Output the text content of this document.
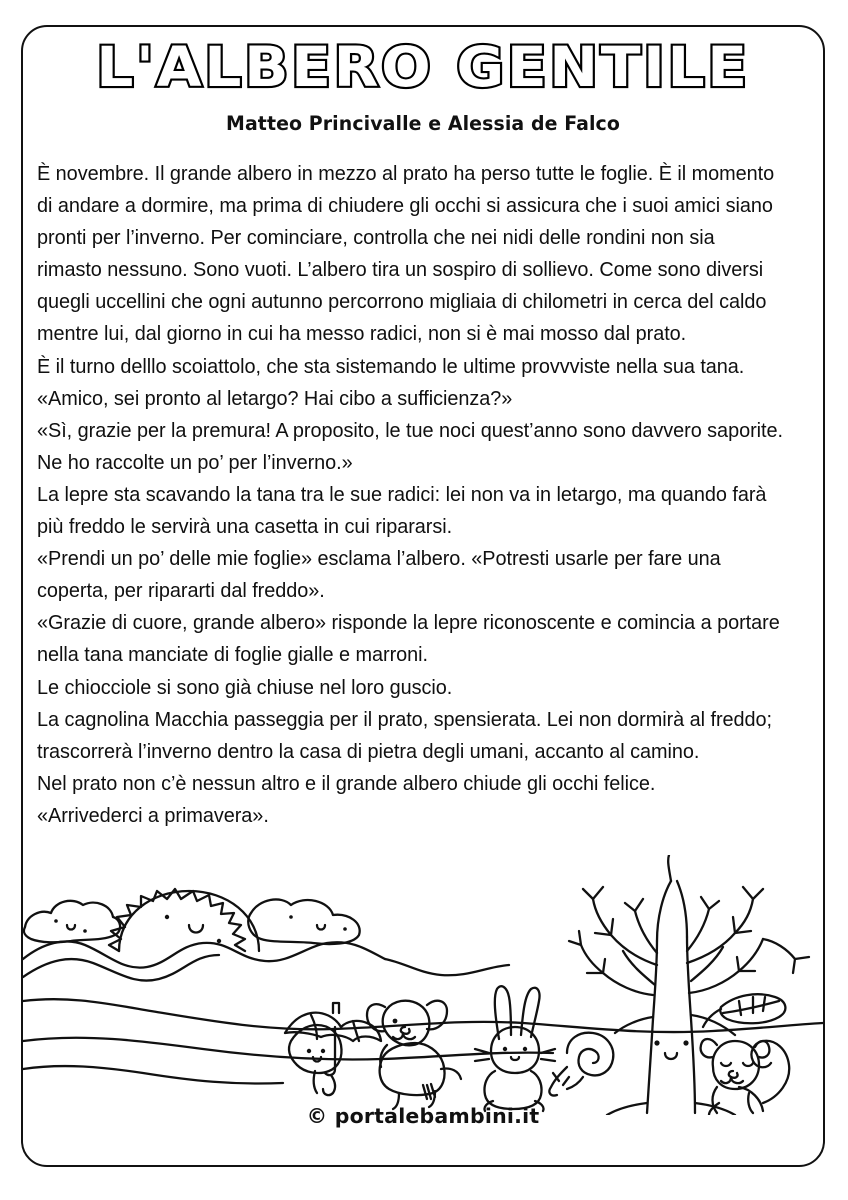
L'ALBERO GENTILE
Matteo Princivalle e Alessia de Falco

È novembre. Il grande albero in mezzo al prato ha perso tutte le foglie. È il momento di andare a dormire, ma prima di chiudere gli occhi si assicura che i suoi amici siano pronti per l’inverno. Per cominciare, controlla che nei nidi delle rondini non sia rimasto nessuno. Sono vuoti. L’albero tira un sospiro di sollievo. Come sono diversi quegli uccellini che ogni autunno percorrono migliaia di chilometri in cerca del caldo mentre lui, dal giorno in cui ha messo radici, non si è mai mosso dal prato.

È il turno delllo scoiattolo, che sta sistemando le ultime provvviste nella sua tana.

«Amico, sei pronto al letargo? Hai cibo a sufficienza?»

«Sì, grazie per la premura! A proposito, le tue noci quest’anno sono davvero saporite. Ne ho raccolte un po’ per l’inverno.»

La lepre sta scavando la tana tra le sue radici: lei non va in letargo, ma quando farà più freddo le servirà una casetta in cui ripararsi.

«Prendi un po’ delle mie foglie» esclama l’albero. «Potresti usarle per fare una coperta, per ripararti dal freddo».

«Grazie di cuore, grande albero» risponde la lepre riconoscente e comincia a portare nella tana manciate di foglie gialle e marroni.

Le chiocciole si sono già chiuse nel loro guscio.

La cagnolina Macchia passeggia per il prato, spensierata. Lei non dormirà al freddo; trascorrerà l’inverno dentro la casa di pietra degli umani, accanto al camino.

Nel prato non c’è nessun altro e il grande albero chiude gli occhi felice.

«Arrivederci a primavera».

© portalebambini.it
